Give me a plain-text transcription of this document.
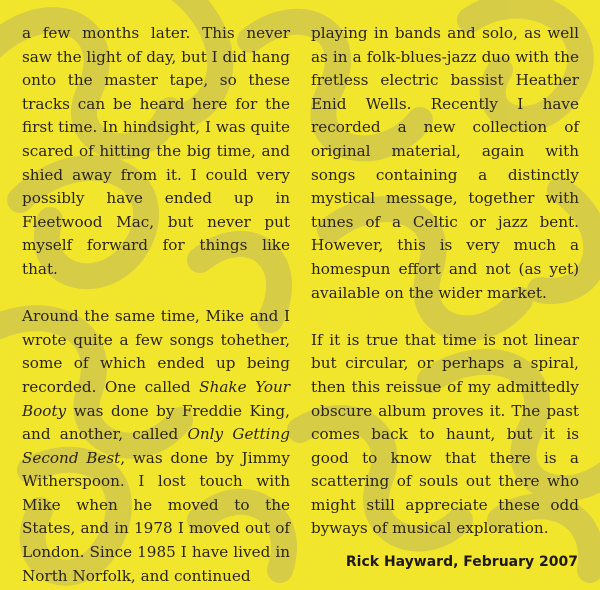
a few months later. This never saw the light of day, but I did hang onto the master tape, so these tracks can be heard here for the first time. In hindsight, I was quite scared of hitting the big time, and shied away from it. I could very possibly have ended up in Fleetwood Mac, but never put myself forward for things like that.

Around the same time, Mike and I wrote quite a few songs tohether, some of which ended up being recorded. One called Shake Your Booty was done by Freddie King, and another, called Only Getting Second Best, was done by Jimmy Witherspoon. I lost touch with Mike when he moved to the States, and in 1978 I moved out of London. Since 1985 I have lived in North Norfolk, and continued

playing in bands and solo, as well as in a folk-blues-jazz duo with the fretless electric bassist Heather Enid Wells. Recently I have recorded a new collection of original material, again with songs containing a distinctly mystical message, together with tunes of a Celtic or jazz bent. However, this is very much a homespun effort and not (as yet) available on the wider market.

If it is true that time is not linear but circular, or perhaps a spiral, then this reissue of my admittedly obscure album proves it. The past comes back to haunt, but it is good to know that there is a scattering of souls out there who might still appreciate these odd byways of musical exploration.

Rick Hayward, February 2007
